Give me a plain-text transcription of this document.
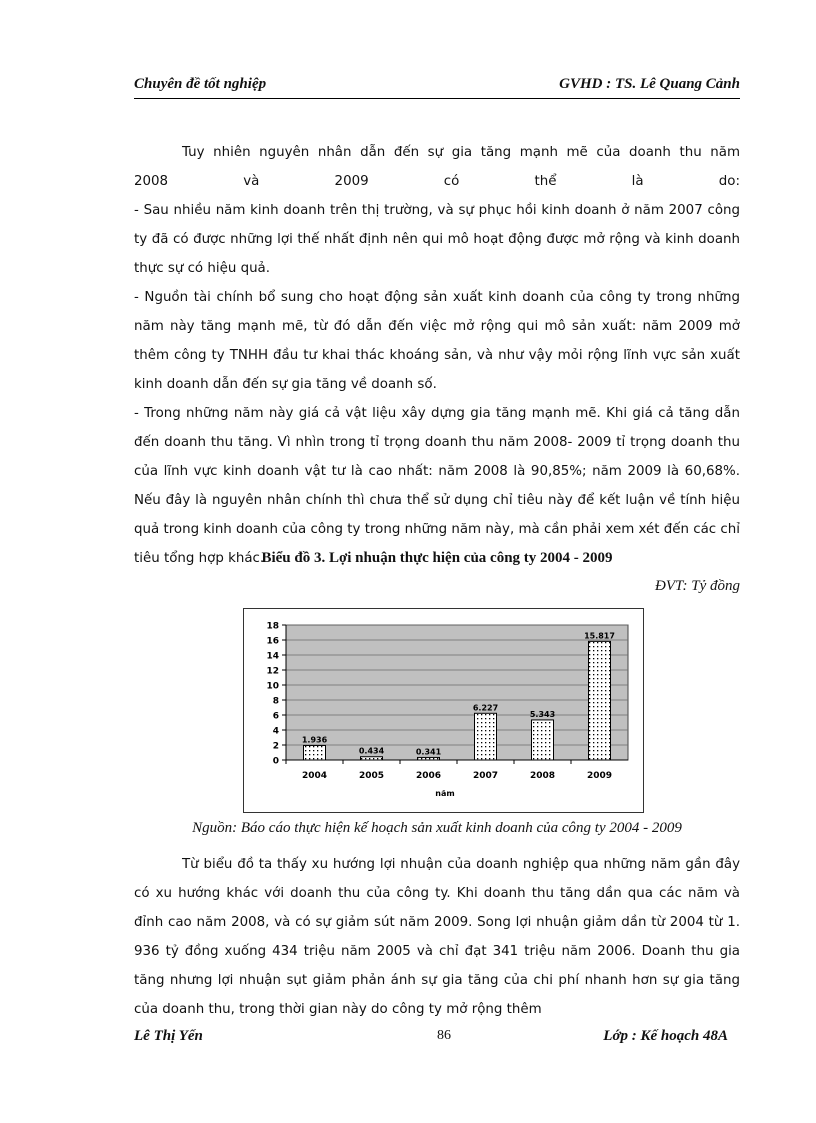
Chuyên đề tốt nghiệp	GVHD : TS. Lê Quang Cảnh

Tuy nhiên nguyên nhân dẫn đến sự gia tăng mạnh mẽ của doanh thu năm

2008 và 2009 có thể là do:

- Sau nhiều năm kinh doanh trên thị trường, và sự phục hồi kinh doanh ở năm 2007 công ty đã có được những lợi thế nhất định nên qui mô hoạt động được mở rộng và kinh doanh thực sự có hiệu quả.

- Nguồn tài chính bổ sung cho hoạt động sản xuất kinh doanh của công ty trong những năm này tăng mạnh mẽ, từ đó dẫn đến việc mở rộng qui mô sản xuất: năm 2009 mở thêm công ty TNHH đầu tư khai thác khoáng sản, và như vậy mỏi rộng lĩnh vực sản xuất kinh doanh dẫn đến sự gia tăng về doanh số.

- Trong những năm này giá cả vật liệu xây dựng gia tăng mạnh mẽ. Khi giá cả tăng dẫn đến doanh thu tăng. Vì nhìn trong tỉ trọng doanh thu năm 2008- 2009 tỉ trọng doanh thu của lĩnh vực kinh doanh vật tư là cao nhất: năm 2008 là 90,85%; năm 2009 là 60,68%. Nếu đây là nguyên nhân chính thì chưa thể sử dụng chỉ tiêu này để kết luận về tính hiệu quả trong kinh doanh của công ty trong những năm này, mà cần phải xem xét đến các chỉ tiêu tổng hợp khác.

Biểu đồ 3. Lợi nhuận thực hiện của công ty 2004 - 2009
ĐVT: Tỷ đồng
0
2
4
6
8
10
12
14
16
18
1.936
2004
0.434
2005
0.341
2006
6.227
2007
5.343
2008
15.817
2009
năm
Nguồn: Báo cáo thực hiện kế hoạch sản xuất kinh doanh của công ty 2004 - 2009

Từ biểu đồ ta thấy xu hướng lợi nhuận của doanh nghiệp qua những năm gần đây có xu hướng khác với doanh thu của công ty. Khi doanh thu tăng dần qua các năm và đỉnh cao năm 2008, và có sự giảm sút năm 2009. Song lợi nhuận giảm dần từ 2004 từ 1. 936 tỷ đồng xuống 434 triệu năm 2005 và chỉ đạt 341 triệu năm 2006. Doanh thu gia tăng nhưng lợi nhuận sụt giảm phản ánh sự gia tăng của chi phí nhanh hơn sự gia tăng của doanh thu, trong thời gian này do công ty mở rộng thêm

Lê Thị Yến	86	Lớp : Kế hoạch 48A
